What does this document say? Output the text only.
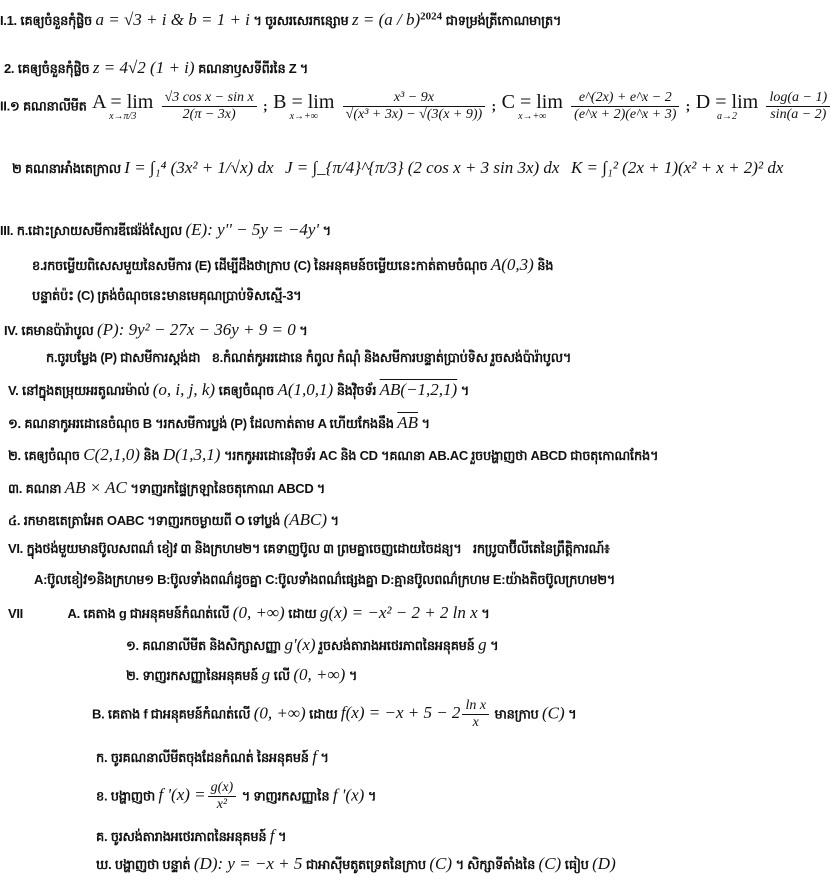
I.1. គេឲ្យចំនួនកុំផ្លិច a = √3 + i & b = 1 + i ។ ចូរសរសេរកន្សោម z = (a / b)$^{2024}$ ជាទម្រង់ត្រីកោណមាត្រ។
2. គេឲ្យចំនួនកុំផ្លិច z = 4√2 (1 + i) គណនាឫសទីពីរនៃ Z ។
II.១ គណនាលីមីត A = lim
x→π/3
$\frac{\text{√3 cos x − sin x}}{2(\pi - 3x)}$ ; B = lim
x→+∞
$\frac{\text{x³ − 9x}}{\text{√(x³ + 3x) − √(3(x + 9))}}$ ; C = lim
x→+∞
$\frac{e\^{}(2x) + e\^{}x - 2}{(e\^{}x + 2)(e\^{}x + 3)}$ ; D = lim
a→2
$\frac{\log(a - 1)}{\sin(a - 2)}$
២ គណនាអាំងតេក្រាល I = ∫₁⁴ (3x² + 1/√x) dx J = ∫_{π/4}^{π/3} (2 cos x + 3 sin 3x) dx K = ∫₁² (2x + 1)(x² + x + 2)² dx
III. ក.ដោះស្រាយសមីការឌីផេរ៉ង់ស្យែល (E): y'' − 5y = −4y' ។
ខ.រកចម្លើយពិសេសមួយនៃសមីការ (E) ដើម្បីដឹងថាក្រាប (C) នៃអនុគមន៍ចម្លើយនេះកាត់តាមចំណុច A(0,3) និង
បន្ទាត់ប៉ះ (C) ត្រង់ចំណុចនេះមានមេគុណប្រាប់ទិសស្មើ-3។
IV. គេមានប៉ារ៉ាបូល (P): 9y² − 27x − 36y + 9 = 0 ។
ក.ចូរបម្លែង (P) ជាសមីការស្តង់ដា ខ.កំណត់កូអរដោនេ កំពូល កំណុំ និងសមីការបន្ទាត់ប្រាប់ទិស រួចសង់ប៉ារ៉ាបូល។
V. នៅក្នុងតម្រុយអរតូណរម៉ាល់ (o, i, j, k) គេឲ្យចំណុច A(1,0,1) និងវ៉ិចទ័រ AB(−1,2,1) ។
១. គណនាកូអរដោនេចំណុច B ។រកសមីការប្លង់ (P) ដែលកាត់តាម A ហើយកែងនឹង $\overline{AB}$ ។
២. គេឲ្យចំណុច C(2,1,0) និង D(1,3,1) ។រកកូអរដោនេវ៉ិចទ័រ AC និង CD ។គណនា AB.AC រួចបង្ហាញថា ABCD ជាចតុកោណកែង។
៣. គណនា AB × AC ។ទាញរកផ្ទៃក្រឡានៃចតុកោណ ABCD ។
៤. រកមាឌតេត្រាអែត OABC ។ទាញរកចម្ងាយពី O ទៅប្លង់ (ABC) ។
VI. ក្នុងថង់មួយមានប៊ូលសពណ៌ ខៀវ ៣ និងក្រហម២។ គេទាញប៊ូល ៣ ព្រមគ្នាចេញដោយចៃដន្យ។ រកប្រូបាប៊ីលីតេនៃព្រឹត្តិការណ៍៖
A:ប៊ូលខៀវ១និងក្រហម១ B:ប៊ូលទាំងពណ៌ដូចគ្នា C:ប៊ូលទាំងពណ៌ផ្សេងគ្នា D:គ្មានប៊ូលពណ៌ក្រហម E:យ៉ាងតិចប៊ូលក្រហម២។
VII	A. គេតាង g ជាអនុគមន៍កំណត់លើ (0, +∞) ដោយ g(x) = −x² − 2 + 2 ln x ។
១. គណនាលីមីត និងសិក្សាសញ្ញា g'(x) រួចសង់តារាងអថេរភាពនៃអនុគមន៍ g ។
២. ទាញរកសញ្ញានៃអនុគមន៍ g លើ (0, +∞) ។
B. គេតាង f ជាអនុគមន៍កំណត់លើ (0, +∞) ដោយ $f(x) = -x + 5 - 2 \frac{\text{ln x}}{x}$ មានក្រាប (C) ។
ក. ចូរគណនាលីមីតចុងដែនកំណត់ នៃអនុគមន៍ f ។
ខ. បង្ហាញថា f '$(x) = \frac{g(x)}{\text{x²}}$ ។ ទាញរកសញ្ញានៃ f '(x) ។
គ. ចូរសង់តារាងអថេរភាពនៃអនុគមន៍ f ។
ឃ. បង្ហាញថា បន្ទាត់ (D): y = −x + 5 ជាអាស៊ីមតូតទ្រេតនៃក្រាប (C) ។ សិក្សាទីតាំងនៃ (C) ធៀប (D)
